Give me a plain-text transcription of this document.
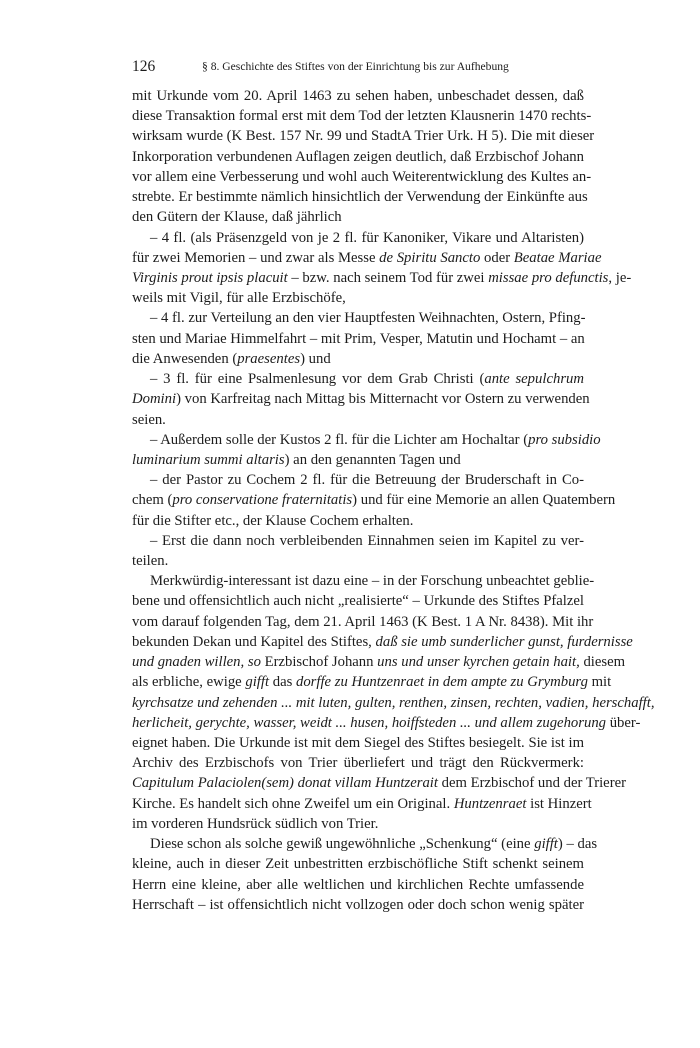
126	§ 8. Geschichte des Stiftes von der Einrichtung bis zur Aufhebung
mit Urkunde vom 20. April 1463 zu sehen haben, unbeschadet dessen, daß
diese Transaktion formal erst mit dem Tod der letzten Klausnerin 1470 rechts-
wirksam wurde (K Best. 157 Nr. 99 und StadtA Trier Urk. H 5). Die mit dieser
Inkorporation verbundenen Auflagen zeigen deutlich, daß Erzbischof Johann
vor allem eine Verbesserung und wohl auch Weiterentwicklung des Kultes an-
strebte. Er bestimmte nämlich hinsichtlich der Verwendung der Einkünfte aus
den Gütern der Klause, daß jährlich
– 4 fl. (als Präsenzgeld von je 2 fl. für Kanoniker, Vikare und Altaristen)
für zwei Memorien – und zwar als Messe de Spiritu Sancto oder Beatae Mariae
Virginis prout ipsis placuit – bzw. nach seinem Tod für zwei missae pro defunctis, je-
weils mit Vigil, für alle Erzbischöfe,
– 4 fl. zur Verteilung an den vier Hauptfesten Weihnachten, Ostern, Pfing-
sten und Mariae Himmelfahrt – mit Prim, Vesper, Matutin und Hochamt – an
die Anwesenden (praesentes) und
– 3 fl. für eine Psalmenlesung vor dem Grab Christi (ante sepulchrum
Domini) von Karfreitag nach Mittag bis Mitternacht vor Ostern zu verwenden
seien.
– Außerdem solle der Kustos 2 fl. für die Lichter am Hochaltar (pro subsidio
luminarium summi altaris) an den genannten Tagen und
– der Pastor zu Cochem 2 fl. für die Betreuung der Bruderschaft in Co-
chem (pro conservatione fraternitatis) und für eine Memorie an allen Quatembern
für die Stifter etc., der Klause Cochem erhalten.
– Erst die dann noch verbleibenden Einnahmen seien im Kapitel zu ver-
teilen.
Merkwürdig-interessant ist dazu eine – in der Forschung unbeachtet geblie-
bene und offensichtlich auch nicht „realisierte“ – Urkunde des Stiftes Pfalzel
vom darauf folgenden Tag, dem 21. April 1463 (K Best. 1 A Nr. 8438). Mit ihr
bekunden Dekan und Kapitel des Stiftes, daß sie umb sunderlicher gunst, furdernisse
und gnaden willen, so Erzbischof Johann uns und unser kyrchen getain hait, diesem
als erbliche, ewige gifft das dorffe zu Huntzenraet in dem ampte zu Grymburg mit
kyrchsatze und zehenden ... mit luten, gulten, renthen, zinsen, rechten, vadien, herschafft,
herlicheit, gerychte, wasser, weidt ... husen, hoiffsteden ... und allem zugehorung über-
eignet haben. Die Urkunde ist mit dem Siegel des Stiftes besiegelt. Sie ist im
Archiv des Erzbischofs von Trier überliefert und trägt den Rückvermerk:
Capitulum Palaciolen(sem) donat villam Huntzerait dem Erzbischof und der Trierer
Kirche. Es handelt sich ohne Zweifel um ein Original. Huntzenraet ist Hinzert
im vorderen Hundsrück südlich von Trier.
Diese schon als solche gewiß ungewöhnliche „Schenkung“ (eine gifft) – das
kleine, auch in dieser Zeit unbestritten erzbischöfliche Stift schenkt seinem
Herrn eine kleine, aber alle weltlichen und kirchlichen Rechte umfassende
Herrschaft – ist offensichtlich nicht vollzogen oder doch schon wenig später
